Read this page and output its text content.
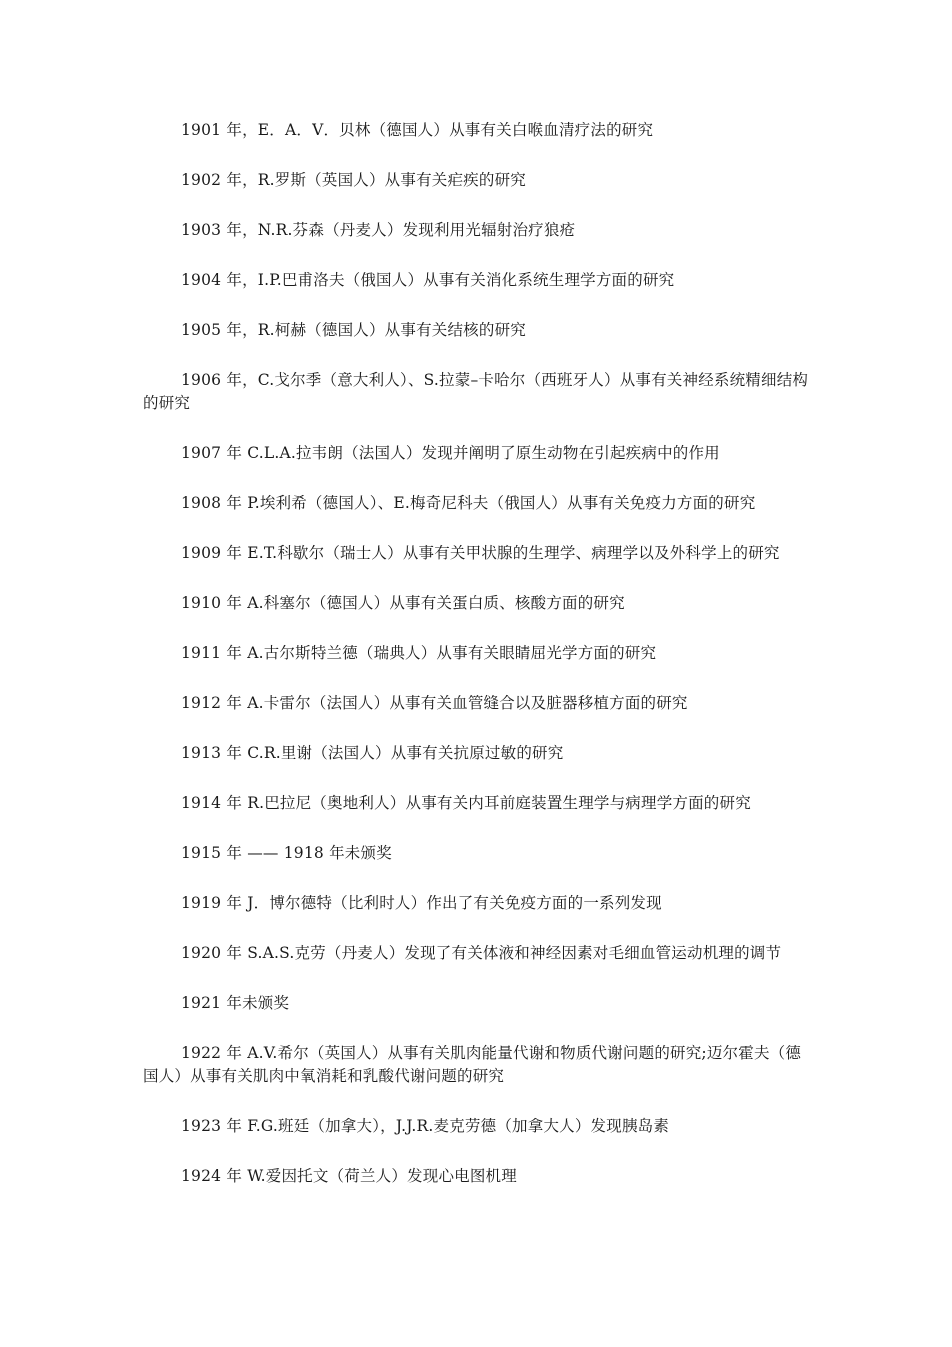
1901 年，E．A．V．贝林（德国人）从事有关白喉血清疗法的研究

1902 年，R.罗斯（英国人）从事有关疟疾的研究

1903 年，N.R.芬森（丹麦人）发现利用光辐射治疗狼疮

1904 年，I.P.巴甫洛夫（俄国人）从事有关消化系统生理学方面的研究

1905 年，R.柯赫（德国人）从事有关结核的研究

1906 年，C.戈尔季（意大利人）、S.拉蒙–卡哈尔（西班牙人）从事有关神经系统精细结构的研究

1907 年 C.L.A.拉韦朗（法国人）发现并阐明了原生动物在引起疾病中的作用

1908 年 P.埃利希（德国人）、E.梅奇尼科夫（俄国人）从事有关免疫力方面的研究

1909 年 E.T.科歇尔（瑞士人）从事有关甲状腺的生理学、病理学以及外科学上的研究

1910 年 A.科塞尔（德国人）从事有关蛋白质、核酸方面的研究

1911 年 A.古尔斯特兰德（瑞典人）从事有关眼睛屈光学方面的研究

1912 年 A.卡雷尔（法国人）从事有关血管缝合以及脏器移植方面的研究

1913 年 C.R.里谢（法国人）从事有关抗原过敏的研究

1914 年 R.巴拉尼（奥地利人）从事有关内耳前庭装置生理学与病理学方面的研究

1915 年 —— 1918 年未颁奖

1919 年 J．博尔德特（比利时人）作出了有关免疫方面的一系列发现

1920 年 S.A.S.克劳（丹麦人）发现了有关体液和神经因素对毛细血管运动机理的调节

1921 年未颁奖

1922 年 A.V.希尔（英国人）从事有关肌肉能量代谢和物质代谢问题的研究;迈尔霍夫（德国人）从事有关肌肉中氧消耗和乳酸代谢问题的研究

1923 年 F.G.班廷（加拿大），J.J.R.麦克劳德（加拿大人）发现胰岛素

1924 年 W.爱因托文（荷兰人）发现心电图机理
